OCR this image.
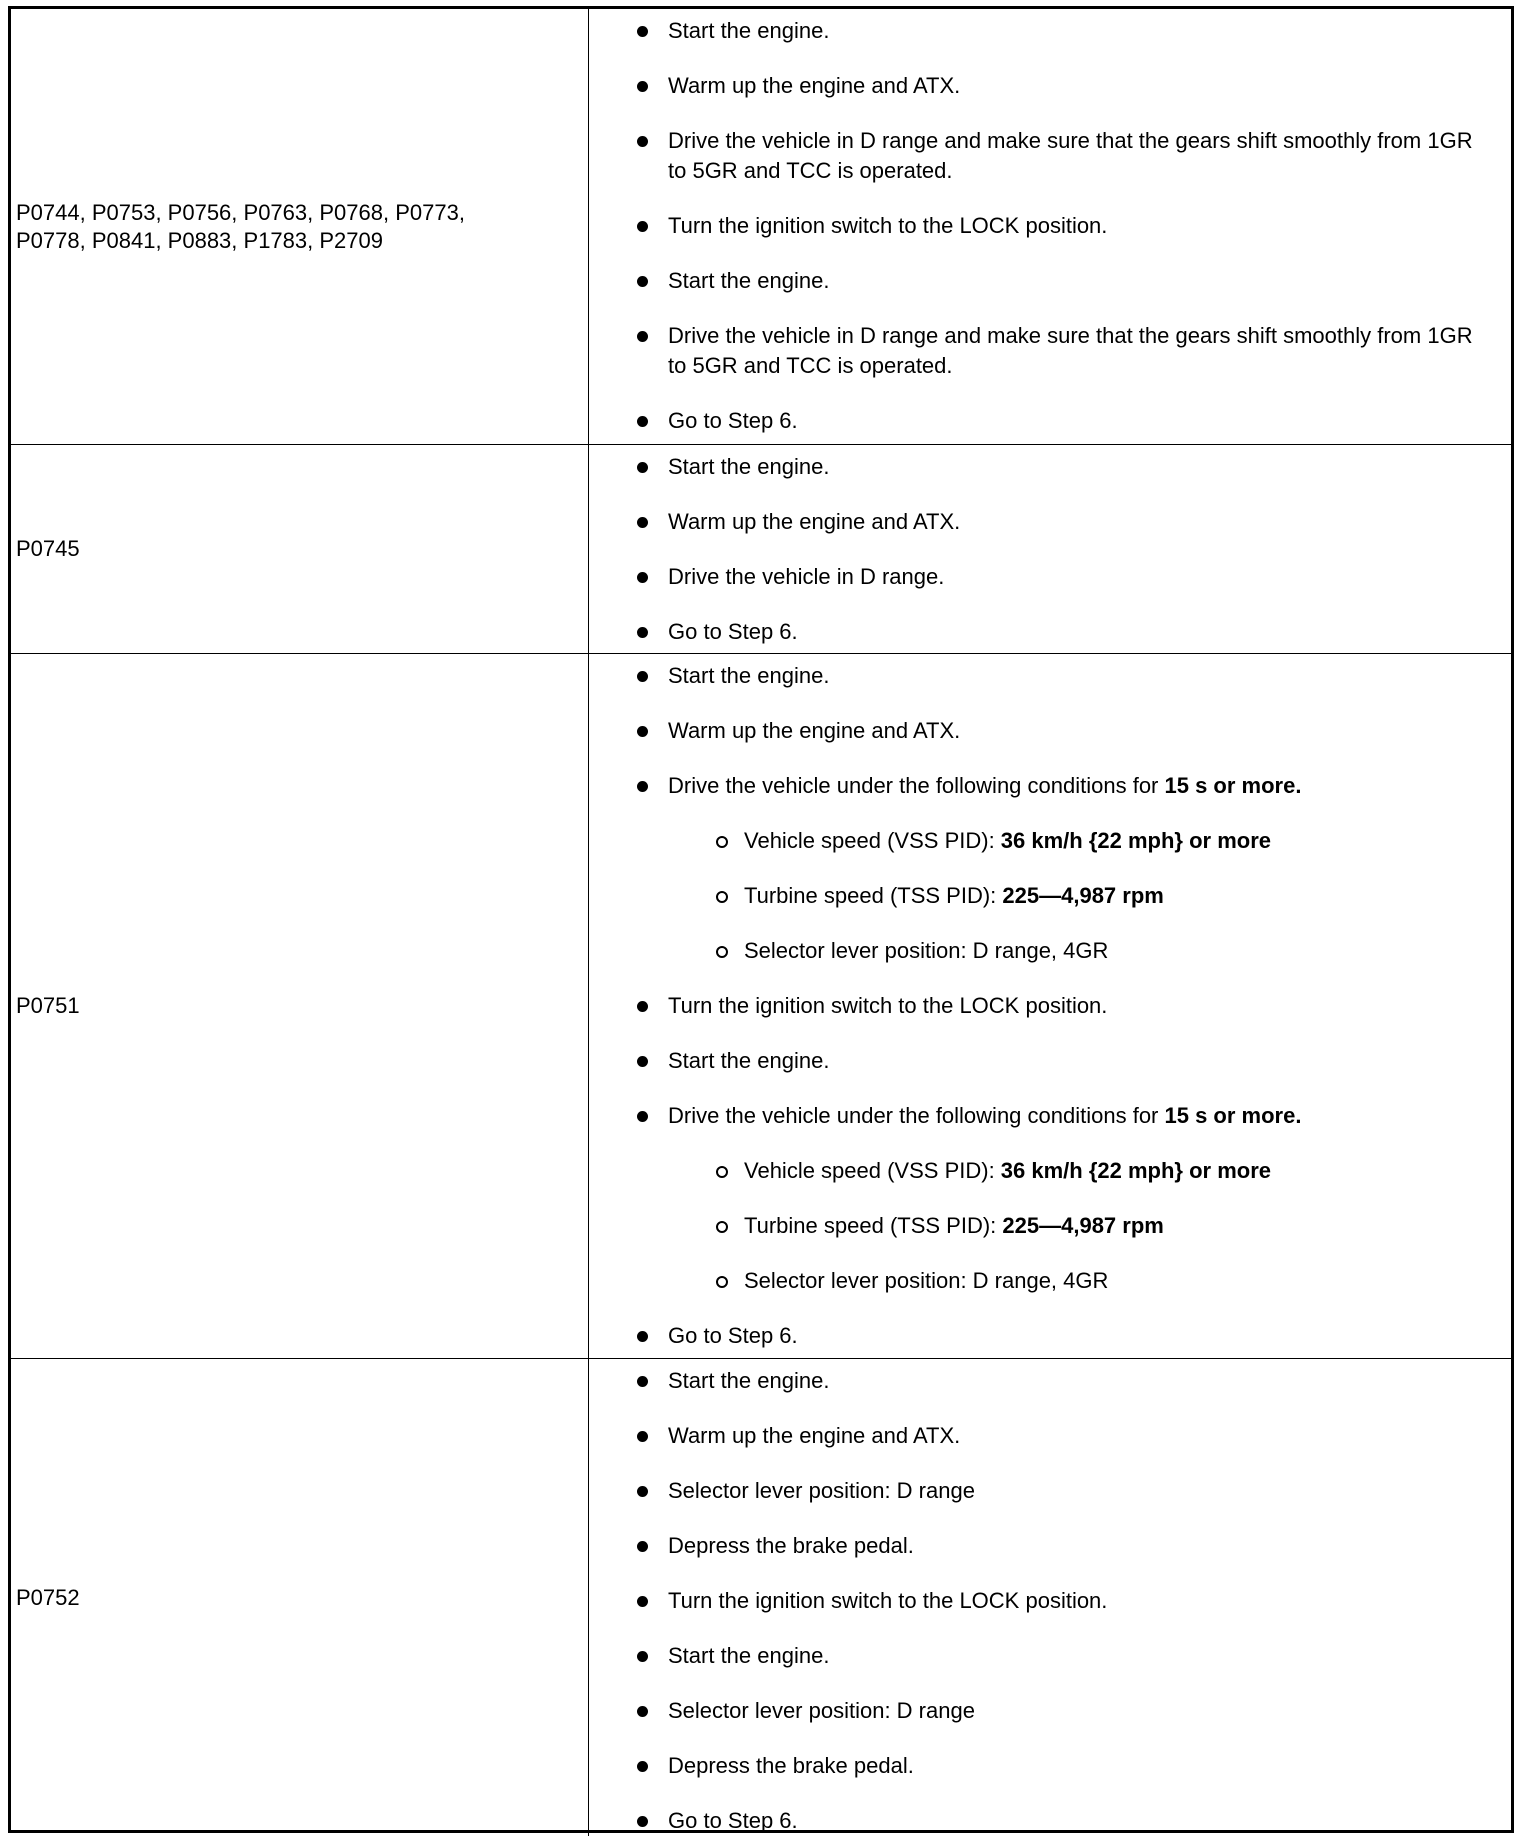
P0744, P0753, P0756, P0763, P0768, P0773,
P0778, P0841, P0883, P1783, P2709
Start the engine.
Warm up the engine and ATX.
Drive the vehicle in D range and make sure that the gears shift smoothly from 1GR to 5GR and TCC is operated.
Turn the ignition switch to the LOCK position.
Start the engine.
Drive the vehicle in D range and make sure that the gears shift smoothly from 1GR to 5GR and TCC is operated.
Go to Step 6.
P0745
Start the engine.
Warm up the engine and ATX.
Drive the vehicle in D range.
Go to Step 6.
P0751
Start the engine.
Warm up the engine and ATX.
Drive the vehicle under the following conditions for 15 s or more.
Vehicle speed (VSS PID): 36 km/h {22 mph} or more
Turbine speed (TSS PID): 225—4,987 rpm
Selector lever position: D range, 4GR
Turn the ignition switch to the LOCK position.
Start the engine.
Drive the vehicle under the following conditions for 15 s or more.
Vehicle speed (VSS PID): 36 km/h {22 mph} or more
Turbine speed (TSS PID): 225—4,987 rpm
Selector lever position: D range, 4GR
Go to Step 6.
P0752
Start the engine.
Warm up the engine and ATX.
Selector lever position: D range
Depress the brake pedal.
Turn the ignition switch to the LOCK position.
Start the engine.
Selector lever position: D range
Depress the brake pedal.
Go to Step 6.
